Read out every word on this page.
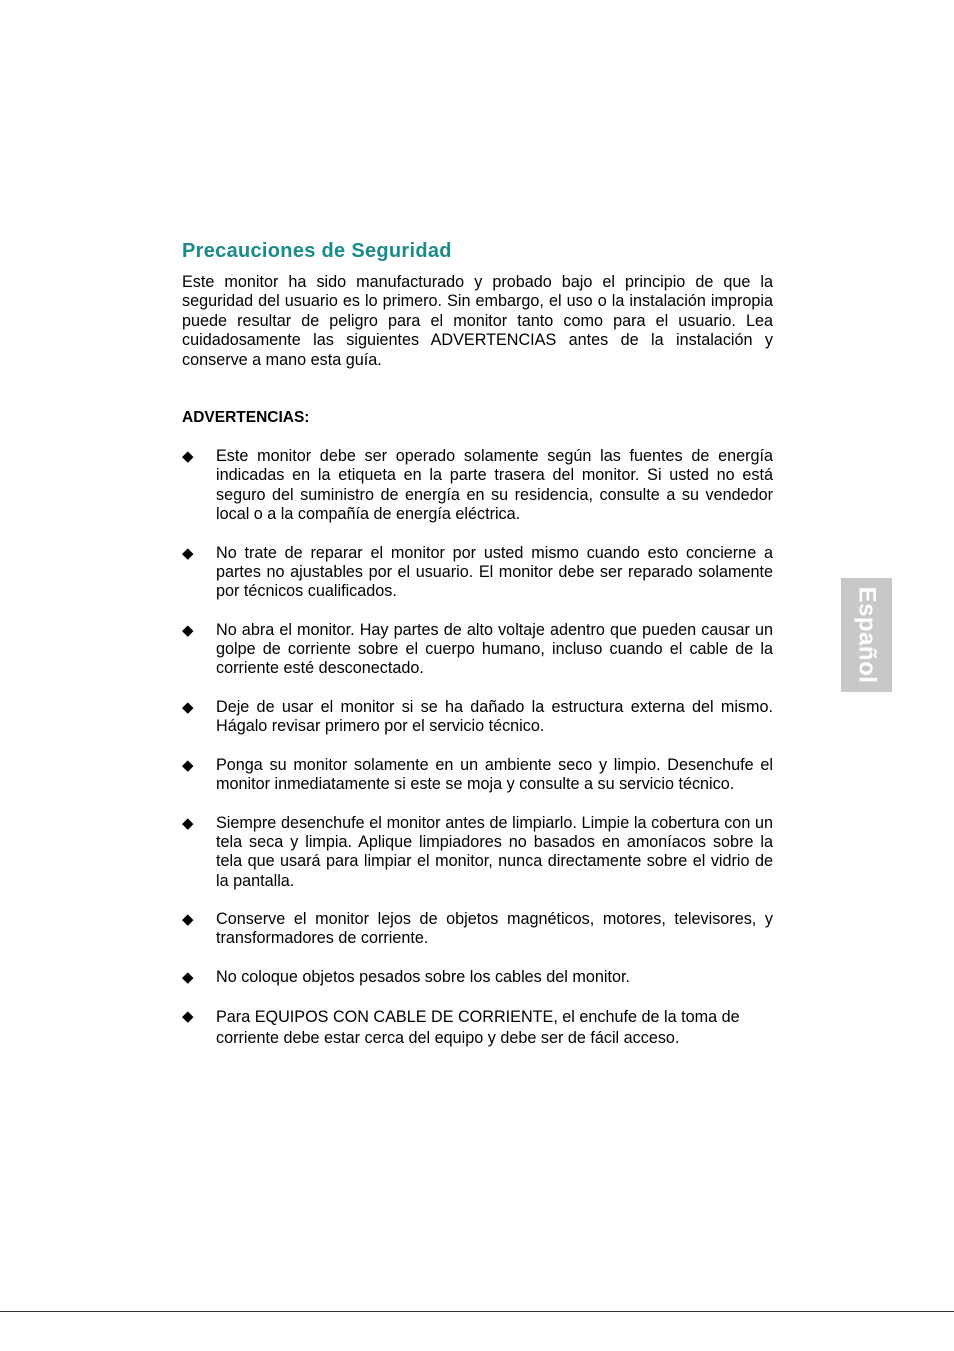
Precauciones de Seguridad

Este monitor ha sido manufacturado y probado bajo el principio de que la seguridad del usuario es lo primero. Sin embargo, el uso o la instalación impropia puede resultar de peligro para el monitor tanto como para el usuario. Lea cuidadosamente las siguientes ADVERTENCIAS antes de la instalación y conserve a mano esta guía.

ADVERTENCIAS:
◆	Este monitor debe ser operado solamente según las fuentes de energía indicadas en la etiqueta en la parte trasera del monitor. Si usted no está seguro del suministro de energía en su residencia, consulte a su vendedor local o a la compañía de energía eléctrica.
◆	No trate de reparar el monitor por usted mismo cuando esto concierne a partes no ajustables por el usuario. El monitor debe ser reparado solamente por técnicos cualificados.
◆	No abra el monitor. Hay partes de alto voltaje adentro que pueden causar un golpe de corriente sobre el cuerpo humano, incluso cuando el cable de la corriente esté desconectado.
◆	Deje de usar el monitor si se ha dañado la estructura externa del mismo. Hágalo revisar primero por el servicio técnico.
◆	Ponga su monitor solamente en un ambiente seco y limpio. Desenchufe el monitor inmediatamente si este se moja y consulte a su servicio técnico.
◆	Siempre desenchufe el monitor antes de limpiarlo. Limpie la cobertura con un tela seca y limpia. Aplique limpiadores no basados en amoníacos sobre la tela que usará para limpiar el monitor, nunca directamente sobre el vidrio de la pantalla.
◆	Conserve el monitor lejos de objetos magnéticos, motores, televisores, y transformadores de corriente.
◆	No coloque objetos pesados sobre los cables del monitor.
◆	Para EQUIPOS CON CABLE DE CORRIENTE, el enchufe de la toma de corriente debe estar cerca del equipo y debe ser de fácil acceso.
Español
